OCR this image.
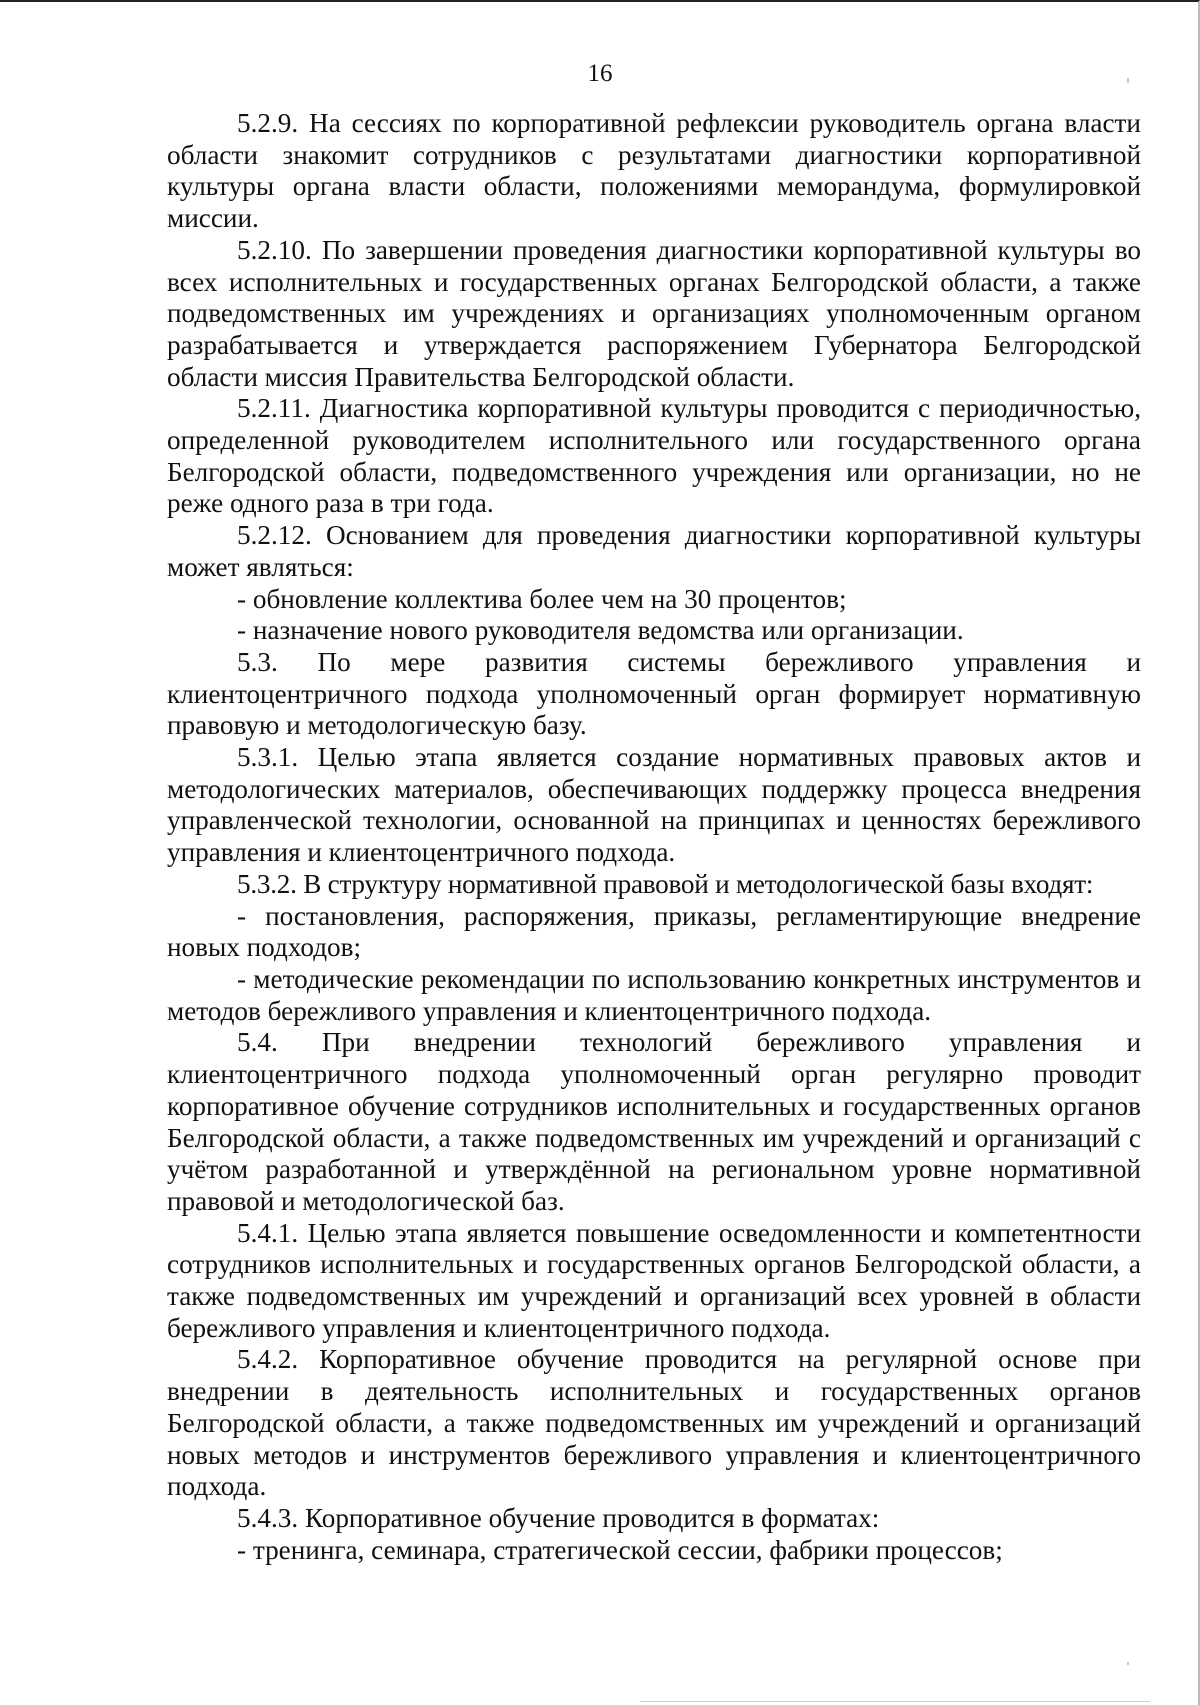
16

5.2.9. На сессиях по корпоративной рефлексии руководитель органа власти области знакомит сотрудников с результатами диагностики корпоративной культуры органа власти области, положениями меморандума, формулировкой миссии.

5.2.10. По завершении проведения диагностики корпоративной культуры во всех исполнительных и государственных органах Белгородской области, а также подведомственных им учреждениях и организациях уполномоченным органом разрабатывается и утверждается распоряжением Губернатора Белгородской области миссия Правительства Белгородской области.

5.2.11. Диагностика корпоративной культуры проводится с периодичностью, определенной руководителем исполнительного или государственного органа Белгородской области, подведомственного учреждения или организации, но не реже одного раза в три года.

5.2.12. Основанием для проведения диагностики корпоративной культуры может являться:

- обновление коллектива более чем на 30 процентов;

- назначение нового руководителя ведомства или организации.

5.3. По мере развития системы бережливого управления и клиентоцентричного подхода уполномоченный орган формирует нормативную правовую и методологическую базу.

5.3.1. Целью этапа является создание нормативных правовых актов и методологических материалов, обеспечивающих поддержку процесса внедрения управленческой технологии, основанной на принципах и ценностях бережливого управления и клиентоцентричного подхода.

5.3.2. В структуру нормативной правовой и методологической базы входят:

- постановления, распоряжения, приказы, регламентирующие внедрение новых подходов;

- методические рекомендации по использованию конкретных инструментов и методов бережливого управления и клиентоцентричного подхода.

5.4. При внедрении технологий бережливого управления и клиентоцентричного подхода уполномоченный орган регулярно проводит корпоративное обучение сотрудников исполнительных и государственных органов Белгородской области, а также подведомственных им учреждений и организаций с учётом разработанной и утверждённой на региональном уровне нормативной правовой и методологической баз.

5.4.1. Целью этапа является повышение осведомленности и компетентности сотрудников исполнительных и государственных органов Белгородской области, а также подведомственных им учреждений и организаций всех уровней в области бережливого управления и клиентоцентричного подхода.

5.4.2. Корпоративное обучение проводится на регулярной основе при внедрении в деятельность исполнительных и государственных органов Белгородской области, а также подведомственных им учреждений и организаций новых методов и инструментов бережливого управления и клиентоцентричного подхода.

5.4.3. Корпоративное обучение проводится в форматах:

- тренинга, семинара, стратегической сессии, фабрики процессов;
